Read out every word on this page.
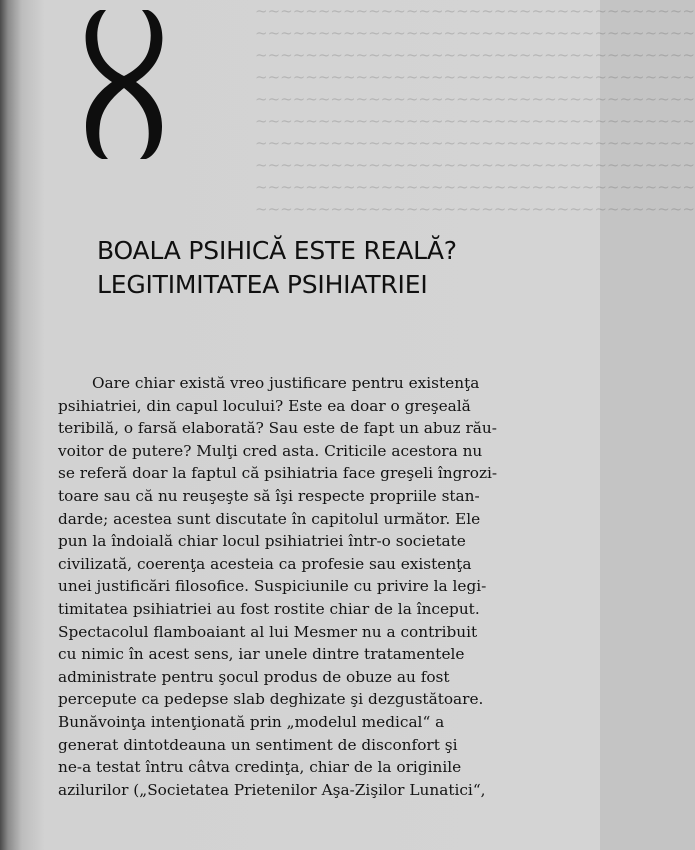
~~~~~~~~~~~~~~~~~~~~~~~~~~~~~~~~~~~
~~~~~~~~~~~~~~~~~~~~~~~~~~~~~~~~~~~
~~~~~~~~~~~~~~~~~~~~~~~~~~~~~~~~~~~
~~~~~~~~~~~~~~~~~~~~~~~~~~~~~~~~~~~
~~~~~~~~~~~~~~~~~~~~~~~~~~~~~~~~~~~
~~~~~~~~~~~~~~~~~~~~~~~~~~~~~~~~~~~
~~~~~~~~~~~~~~~~~~~~~~~~~~~~~~~~~~~
~~~~~~~~~~~~~~~~~~~~~~~~~~~~~~~~~~~
~~~~~~~~~~~~~~~~~~~~~~~~~~~~~~~~~~~
~~~~~~~~~~~~~~~~~~~~~~~~~~~~~~~~~~~
8
BOALA PSIHICĂ ESTE REALĂ?
LEGITIMITATEA PSIHIATRIEI
Oare chiar există vreo justificare pentru existenţa
psihiatriei, din capul locului? Este ea doar o greşeală
teribilă, o farsă elaborată? Sau este de fapt un abuz rău-
voitor de putere? Mulţi cred asta. Criticile acestora nu
se referă doar la faptul că psihiatria face greşeli îngrozi-
toare sau că nu reuşeşte să îşi respecte propriile stan-
darde; acestea sunt discutate în capitolul următor. Ele
pun la îndoială chiar locul psihiatriei într-o societate
civilizată, coerenţa acesteia ca profesie sau existenţa
unei justificări filosofice. Suspiciunile cu privire la legi-
timitatea psihiatriei au fost rostite chiar de la început.
Spectacolul flamboaiant al lui Mesmer nu a contribuit
cu nimic în acest sens, iar unele dintre tratamentele
administrate pentru şocul produs de obuze au fost
percepute ca pedepse slab deghizate şi dezgustătoare.
Bunăvoinţa intenţionată prin „modelul medical“ a
generat dintotdeauna un sentiment de disconfort şi
ne-a testat întru câtva credinţa, chiar de la originile
azilurilor („Societatea Prietenilor Aşa-Zişilor Lunatici“,
